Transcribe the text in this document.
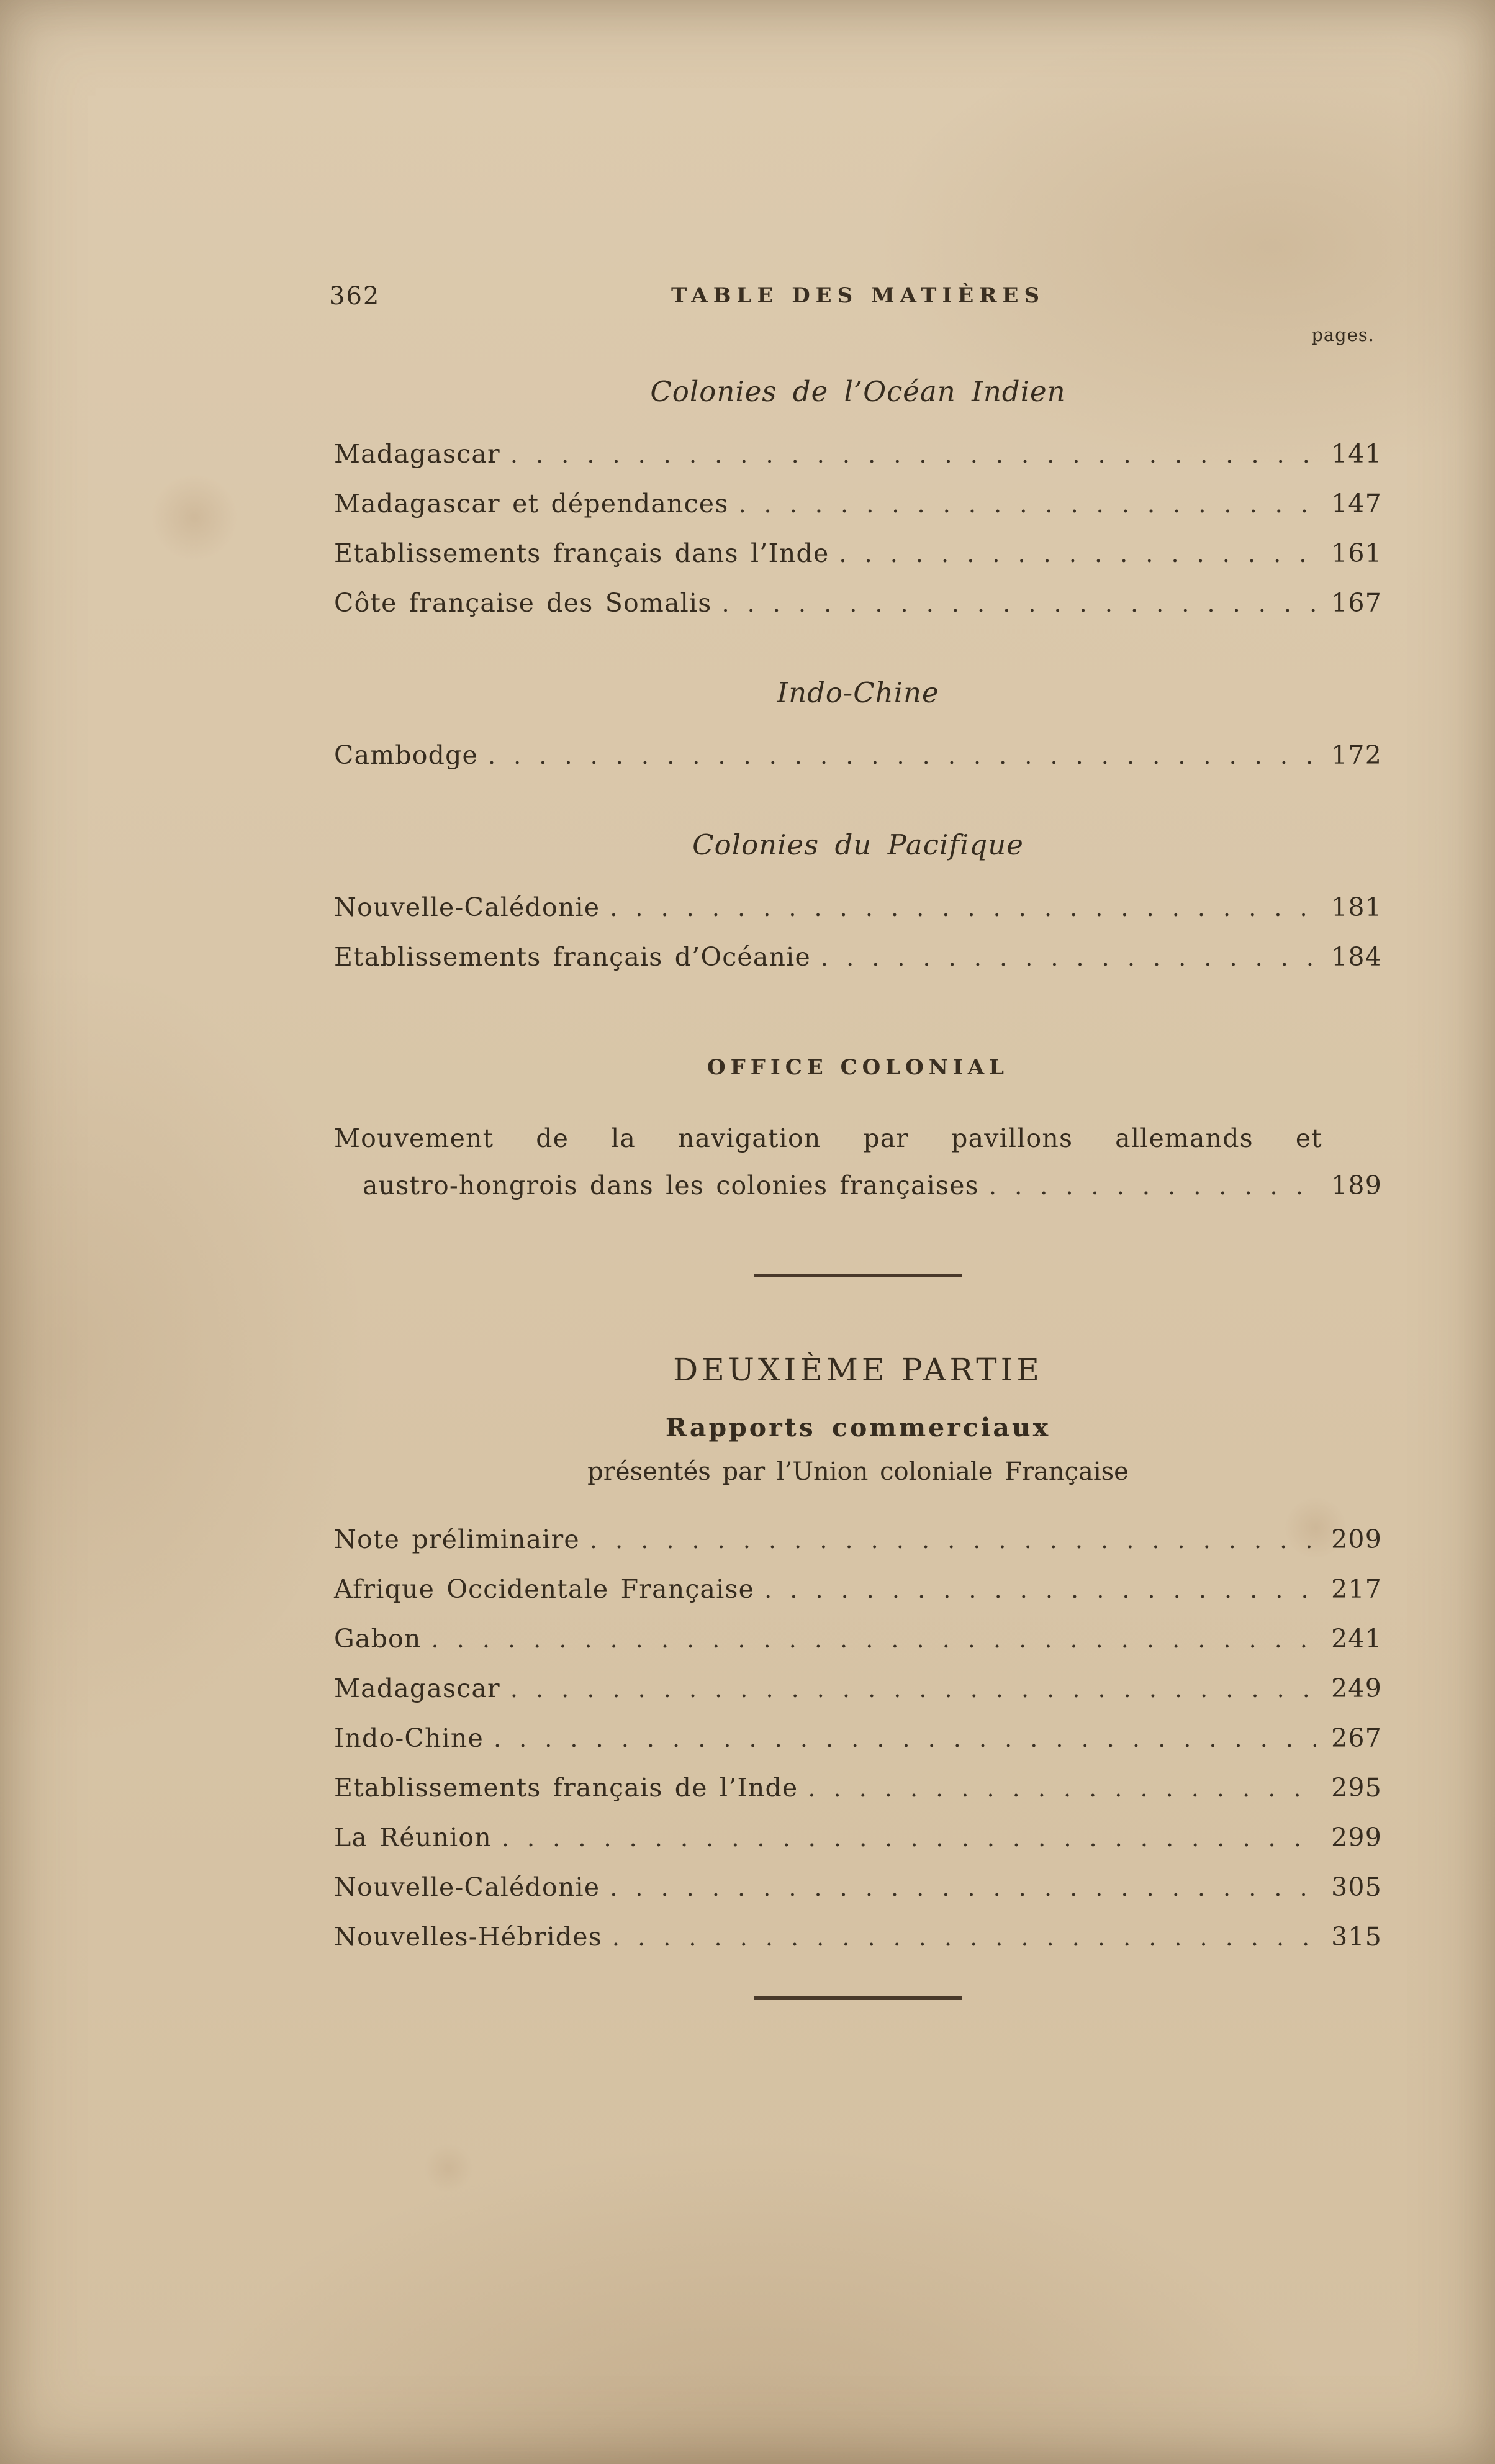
362	TABLE DES MATIÈRES
pages.
Colonies de l’Océan Indien
Madagascar . . .	141
Madagascar et dépendances . . .	147
Etablissements français dans l’Inde . . .	161
Côte française des Somalis . . .	167
Indo-Chine
Cambodge . . .	172
Colonies du Pacifique
Nouvelle-Calédonie . . .	181
Etablissements français d’Océanie . . .	184
OFFICE COLONIAL
Mouvement de la navigation par pavillons allemands et
austro-hongrois dans les colonies françaises . . .	189
DEUXIÈME PARTIE
Rapports commerciaux
présentés par l’Union coloniale Française
Note préliminaire . . .	209
Afrique Occidentale Française . . .	217
Gabon . . .	241
Madagascar . . .	249
Indo-Chine . . .	267
Etablissements français de l’Inde . . .	295
La Réunion . . .	299
Nouvelle-Calédonie . . .	305
Nouvelles-Hébrides . . .	315
